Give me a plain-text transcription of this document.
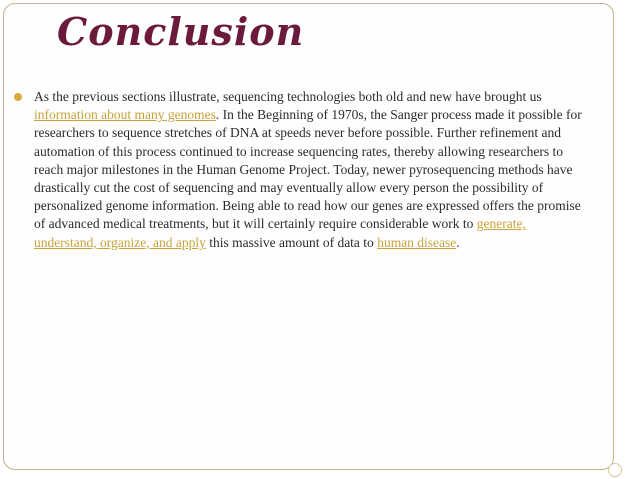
Conclusion

As the previous sections illustrate, sequencing technologies both old and new have brought us information about many genomes. In the Beginning of 1970s, the Sanger process made it possible for researchers to sequence stretches of DNA at speeds never before possible. Further refinement and automation of this process continued to increase sequencing rates, thereby allowing researchers to reach major milestones in the Human Genome Project. Today, newer pyrosequencing methods have drastically cut the cost of sequencing and may eventually allow every person the possibility of personalized genome information. Being able to read how our genes are expressed offers the promise of advanced medical treatments, but it will certainly require considerable work to generate, understand, organize, and apply this massive amount of data to human disease.
